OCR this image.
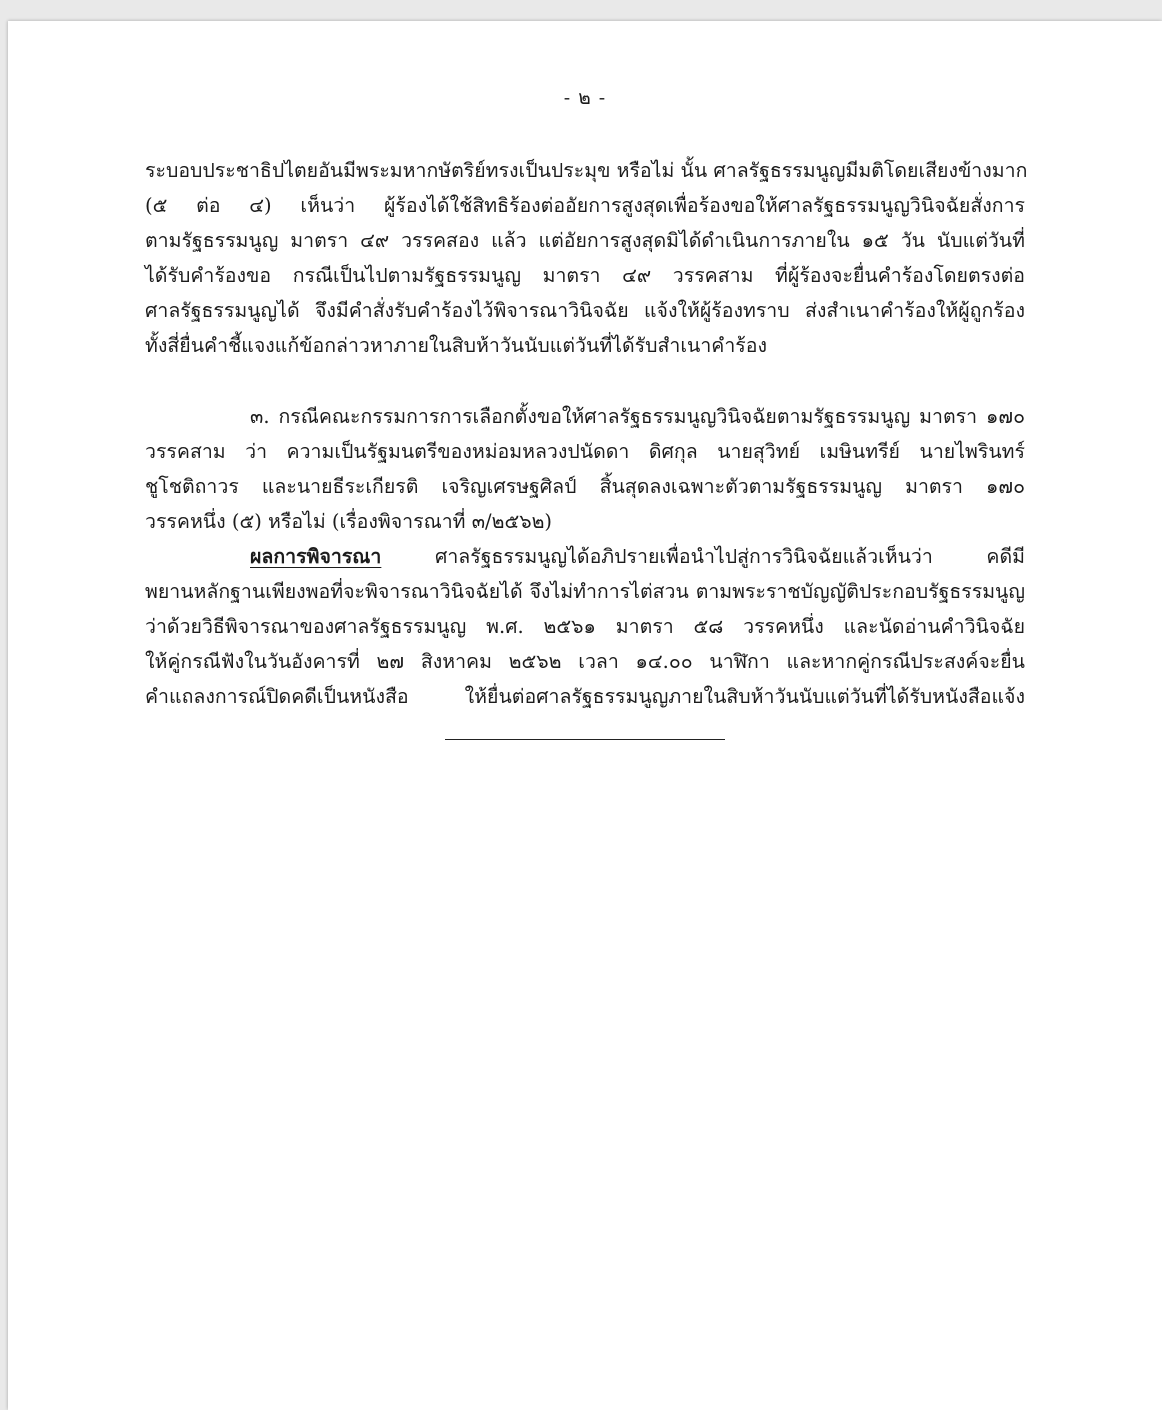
- ๒ -
ระบอบประชาธิปไตยอันมีพระมหากษัตริย์ทรงเป็นประมุข หรือไม่ นั้น ศาลรัฐธรรมนูญมีมติโดยเสียงข้างมาก
(๕ ต่อ ๔) เห็นว่า ผู้ร้องได้ใช้สิทธิร้องต่ออัยการสูงสุดเพื่อร้องขอให้ศาลรัฐธรรมนูญวินิจฉัยสั่งการ
ตามรัฐธรรมนูญ มาตรา ๔๙ วรรคสอง แล้ว แต่อัยการสูงสุดมิได้ดำเนินการภายใน ๑๕ วัน นับแต่วันที่
ได้รับคำร้องขอ กรณีเป็นไปตามรัฐธรรมนูญ มาตรา ๔๙ วรรคสาม ที่ผู้ร้องจะยื่นคำร้องโดยตรงต่อ
ศาลรัฐธรรมนูญได้ จึงมีคำสั่งรับคำร้องไว้พิจารณาวินิจฉัย แจ้งให้ผู้ร้องทราบ ส่งสำเนาคำร้องให้ผู้ถูกร้อง
ทั้งสี่ยื่นคำชี้แจงแก้ข้อกล่าวหาภายในสิบห้าวันนับแต่วันที่ได้รับสำเนาคำร้อง
๓. กรณีคณะกรรมการการเลือกตั้งขอให้ศาลรัฐธรรมนูญวินิจฉัยตามรัฐธรรมนูญ มาตรา ๑๗๐
วรรคสาม ว่า ความเป็นรัฐมนตรีของหม่อมหลวงปนัดดา ดิศกุล นายสุวิทย์ เมษินทรีย์ นายไพรินทร์
ชูโชติถาวร และนายธีระเกียรติ เจริญเศรษฐศิลป์ สิ้นสุดลงเฉพาะตัวตามรัฐธรรมนูญ มาตรา ๑๗๐
วรรคหนึ่ง (๕) หรือไม่ (เรื่องพิจารณาที่ ๓/๒๕๖๒)
ผลการพิจารณา ศาลรัฐธรรมนูญได้อภิปรายเพื่อนำไปสู่การวินิจฉัยแล้วเห็นว่า คดีมี
พยานหลักฐานเพียงพอที่จะพิจารณาวินิจฉัยได้ จึงไม่ทำการไต่สวน ตามพระราชบัญญัติประกอบรัฐธรรมนูญ
ว่าด้วยวิธีพิจารณาของศาลรัฐธรรมนูญ พ.ศ. ๒๕๖๑ มาตรา ๕๘ วรรคหนึ่ง และนัดอ่านคำวินิจฉัย
ให้คู่กรณีฟังในวันอังคารที่ ๒๗ สิงหาคม ๒๕๖๒ เวลา ๑๔.๐๐ นาฬิกา และหากคู่กรณีประสงค์จะยื่น
คำแถลงการณ์ปิดคดีเป็นหนังสือ ให้ยื่นต่อศาลรัฐธรรมนูญภายในสิบห้าวันนับแต่วันที่ได้รับหนังสือแจ้ง
